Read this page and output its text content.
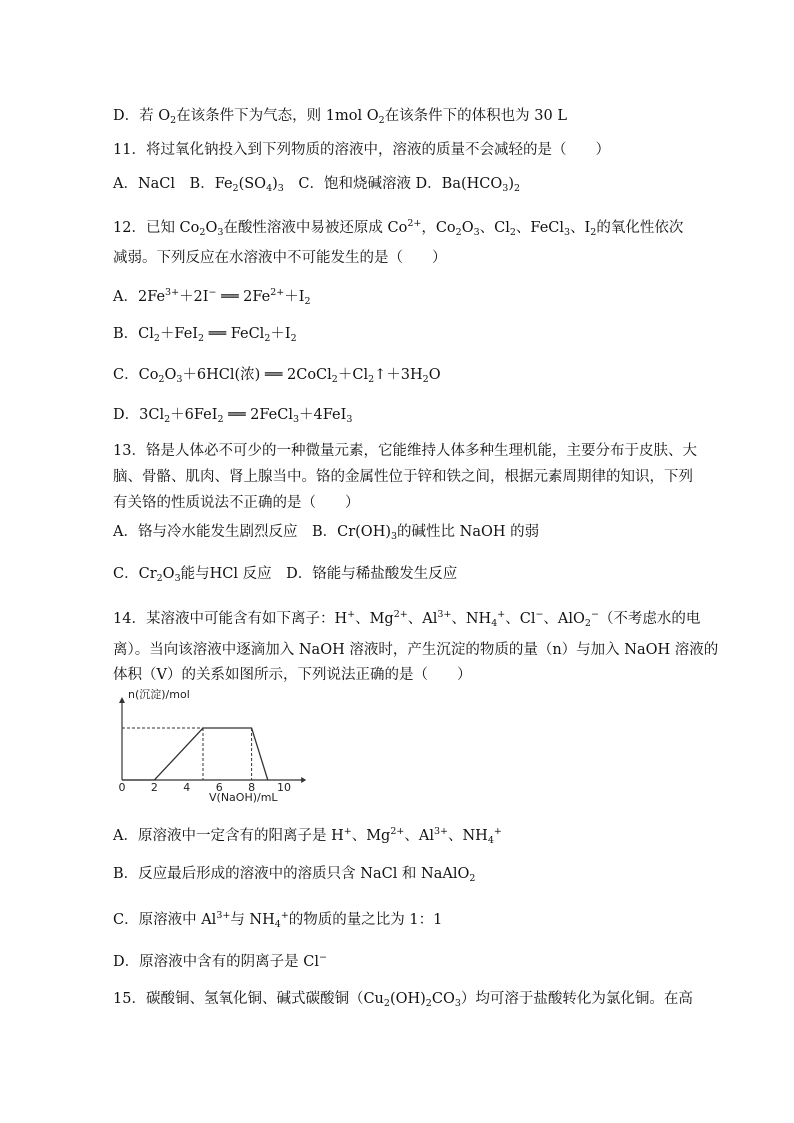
D．若 $O_2$在该条件下为气态，则 1mol $O_2$在该条件下的体积也为 30 L
11．将过氧化钠投入到下列物质的溶液中，溶液的质量不会减轻的是（　　）
A．NaCl　B．$Fe_2(SO_4)_3$　C．饱和烧碱溶液 D．$Ba(HCO_3)_2$
12．已知 $Co_2O_3$在酸性溶液中易被还原成 $Co^{2+}$，$Co_2O_3$、$Cl_2$、FeCl$_3$、$I_2$的氧化性依次
减弱。下列反应在水溶液中不可能发生的是（　　）
A．$2Fe^{3+}+2I^-$ ══ $2Fe^{2+}+I_2$
B．$Cl_2+FeI_2$ ══ $FeCl_2+I_2$
C．$Co_2O_3+6HCl$(浓) ══ $2CoCl_2+Cl_2↑+3H_2O$
D．$3Cl_2+6FeI_2$ ══ 2FeCl$_3$＋4FeI$_3$
13．铬是人体必不可少的一种微量元素，它能维持人体多种生理机能，主要分布于皮肤、大
脑、骨骼、肌肉、肾上腺当中。铬的金属性位于锌和铁之间，根据元素周期律的知识，下列
有关铬的性质说法不正确的是（　　）
A．铬与冷水能发生剧烈反应　B．$Cr(OH)_3$的碱性比 NaOH 的弱
C．$Cr_2O_3$能与HCl 反应　D．铬能与稀盐酸发生反应
14．某溶液中可能含有如下离子：H+、$Mg^{2+}$、$Al^{3+}$、$NH_4^+$、Cl−、AlO$_2$−（不考虑水的电
离）。当向该溶液中逐滴加入 NaOH 溶液时，产生沉淀的物质的量（n）与加入 NaOH 溶液的
体积（V）的关系如图所示，下列说法正确的是（　　）
0 2 4 6 8 10
n(沉淀)/mol
V(NaOH)/mL
A．原溶液中一定含有的阳离子是 H+、$Mg^{2+}$、$Al^{3+}$、$NH_4^+$
B．反应最后形成的溶液中的溶质只含 NaCl 和 NaAlO$_2$
C．原溶液中 $Al^{3+}$与 $NH_4^+$的物质的量之比为 1：1
D．原溶液中含有的阴离子是 Cl−
15．碳酸铜、氢氧化铜、碱式碳酸铜$(Cu_2(OH)_2CO_3)$均可溶于盐酸转化为氯化铜。在高
